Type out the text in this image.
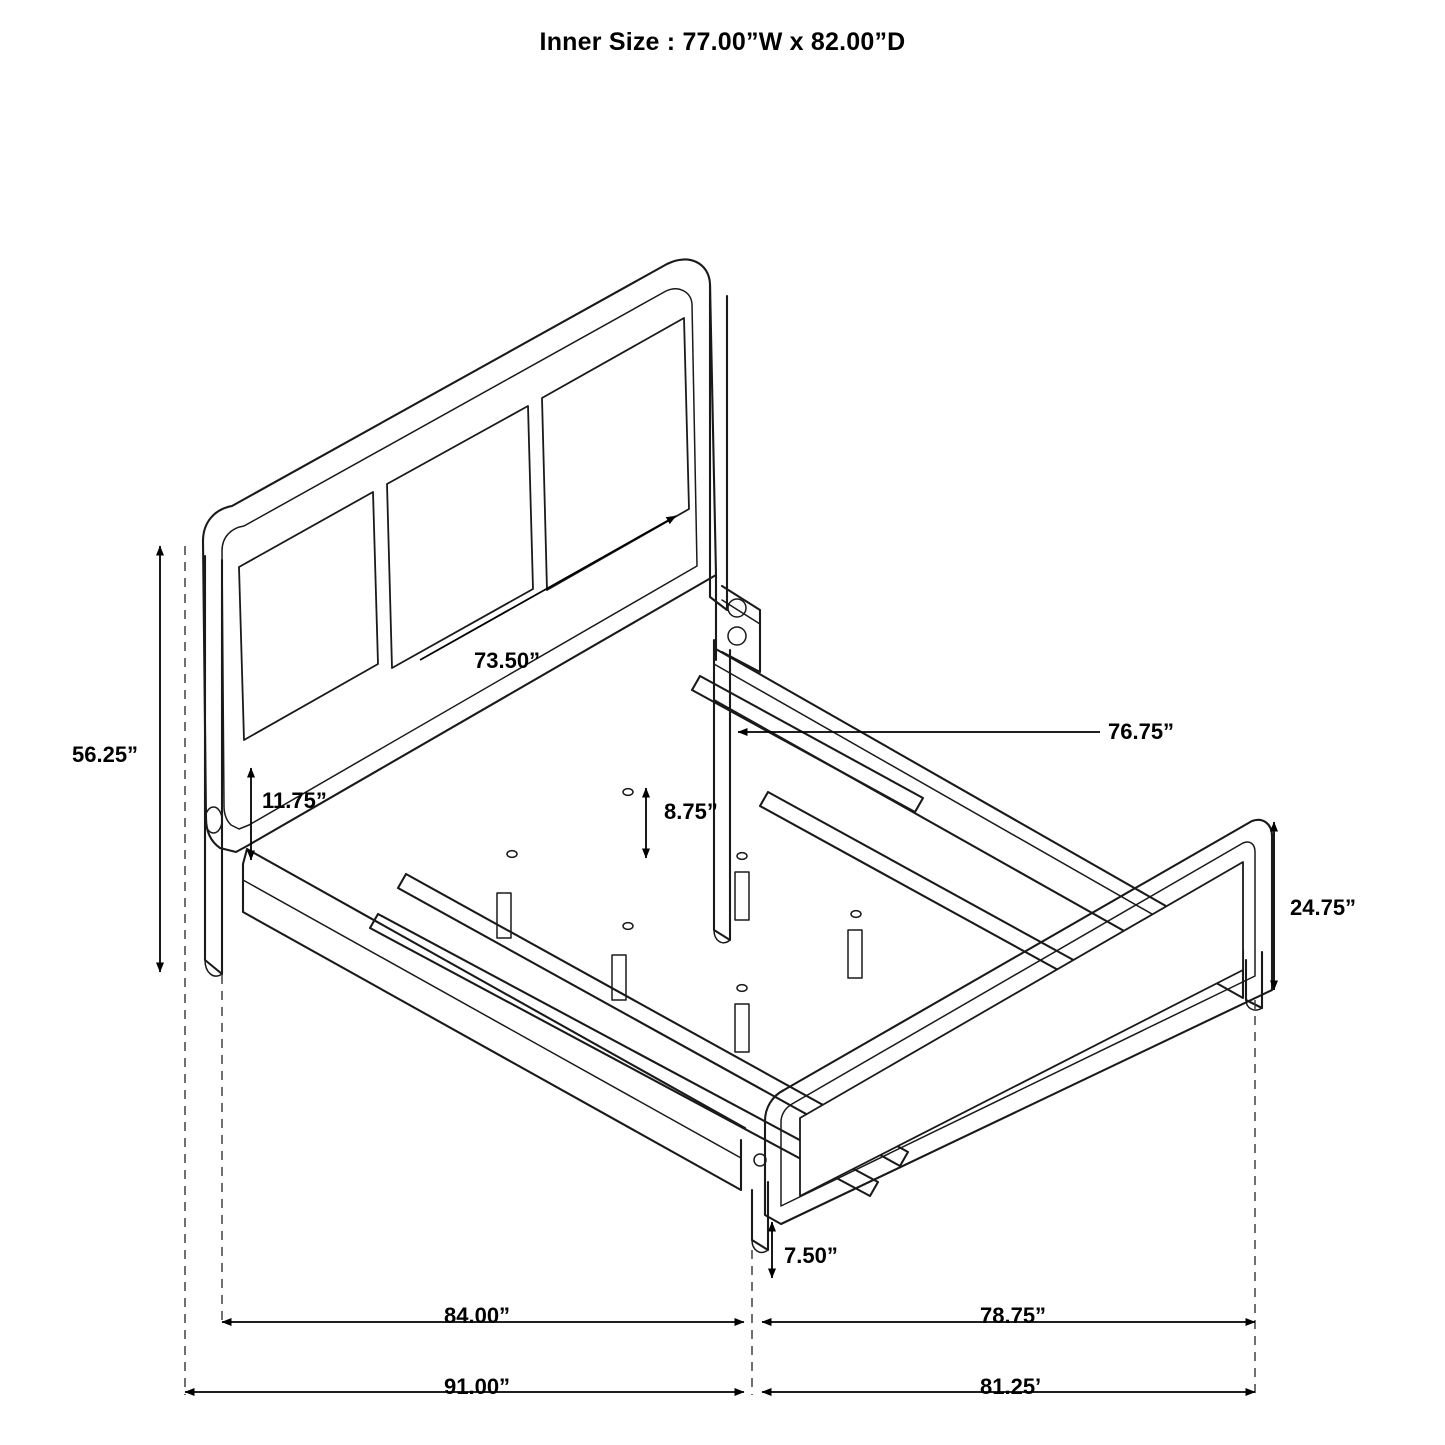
Inner Size : 77.00”W x 82.00”D
56.25”
73.50”
11.75”	8.75”
76.75”
24.75”
7.50”
84.00”	78.75”
91.00”	81.25’
